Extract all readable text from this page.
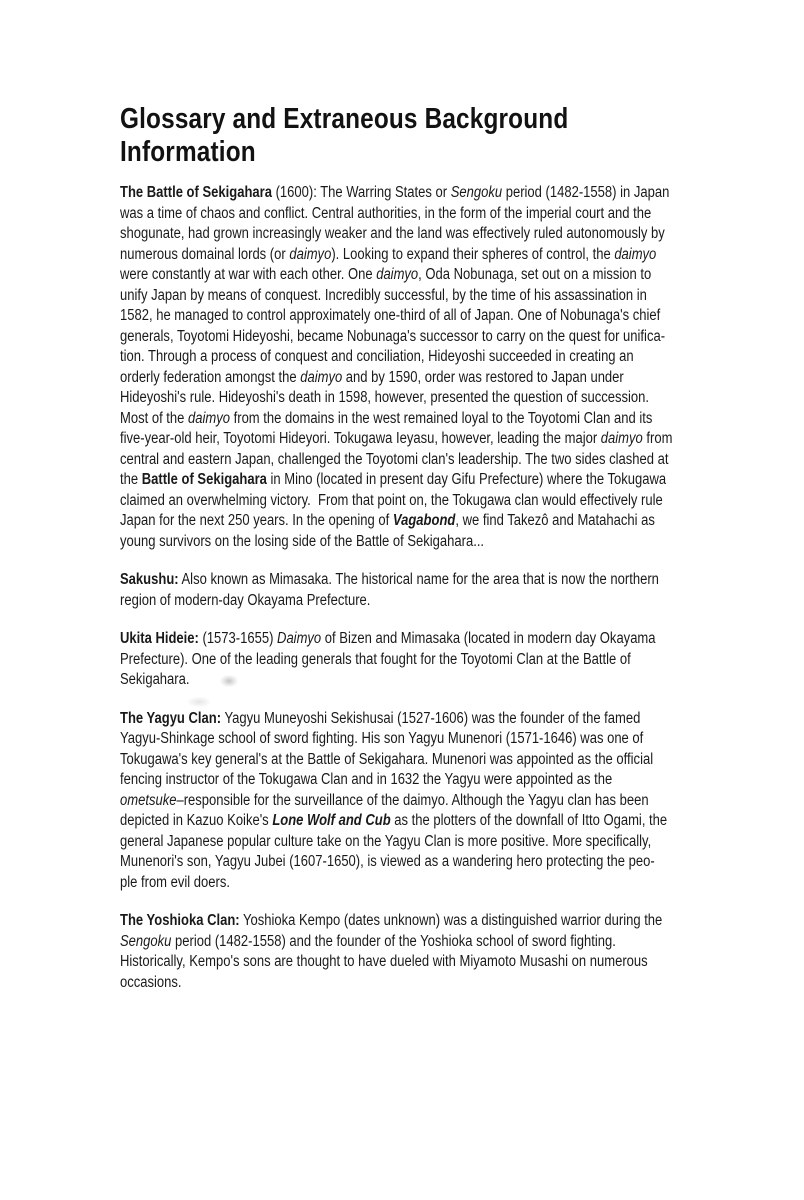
Glossary and Extraneous Background
Information
The Battle of Sekigahara (1600): The Warring States or Sengoku period (1482-1558) in Japan
was a time of chaos and conflict. Central authorities, in the form of the imperial court and the
shogunate, had grown increasingly weaker and the land was effectively ruled autonomously by
numerous domainal lords (or daimyo). Looking to expand their spheres of control, the daimyo
were constantly at war with each other. One daimyo, Oda Nobunaga, set out on a mission to
unify Japan by means of conquest. Incredibly successful, by the time of his assassination in
1582, he managed to control approximately one-third of all of Japan. One of Nobunaga's chief
generals, Toyotomi Hideyoshi, became Nobunaga's successor to carry on the quest for unifica-
tion. Through a process of conquest and conciliation, Hideyoshi succeeded in creating an
orderly federation amongst the daimyo and by 1590, order was restored to Japan under
Hideyoshi's rule. Hideyoshi's death in 1598, however, presented the question of succession.
Most of the daimyo from the domains in the west remained loyal to the Toyotomi Clan and its
five-year-old heir, Toyotomi Hideyori. Tokugawa Ieyasu, however, leading the major daimyo from
central and eastern Japan, challenged the Toyotomi clan's leadership. The two sides clashed at
the Battle of Sekigahara in Mino (located in present day Gifu Prefecture) where the Tokugawa
claimed an overwhelming victory.  From that point on, the Tokugawa clan would effectively rule
Japan for the next 250 years. In the opening of Vagabond, we find Takezô and Matahachi as
young survivors on the losing side of the Battle of Sekigahara...
Sakushu: Also known as Mimasaka. The historical name for the area that is now the northern
region of modern-day Okayama Prefecture.
Ukita Hideie: (1573-1655) Daimyo of Bizen and Mimasaka (located in modern day Okayama
Prefecture). One of the leading generals that fought for the Toyotomi Clan at the Battle of
Sekigahara.
The Yagyu Clan: Yagyu Muneyoshi Sekishusai (1527-1606) was the founder of the famed
Yagyu-Shinkage school of sword fighting. His son Yagyu Munenori (1571-1646) was one of
Tokugawa's key general's at the Battle of Sekigahara. Munenori was appointed as the official
fencing instructor of the Tokugawa Clan and in 1632 the Yagyu were appointed as the
ometsuke–responsible for the surveillance of the daimyo. Although the Yagyu clan has been
depicted in Kazuo Koike's Lone Wolf and Cub as the plotters of the downfall of Itto Ogami, the
general Japanese popular culture take on the Yagyu Clan is more positive. More specifically,
Munenori's son, Yagyu Jubei (1607-1650), is viewed as a wandering hero protecting the peo-
ple from evil doers.
The Yoshioka Clan: Yoshioka Kempo (dates unknown) was a distinguished warrior during the
Sengoku period (1482-1558) and the founder of the Yoshioka school of sword fighting.
Historically, Kempo's sons are thought to have dueled with Miyamoto Musashi on numerous
occasions.
